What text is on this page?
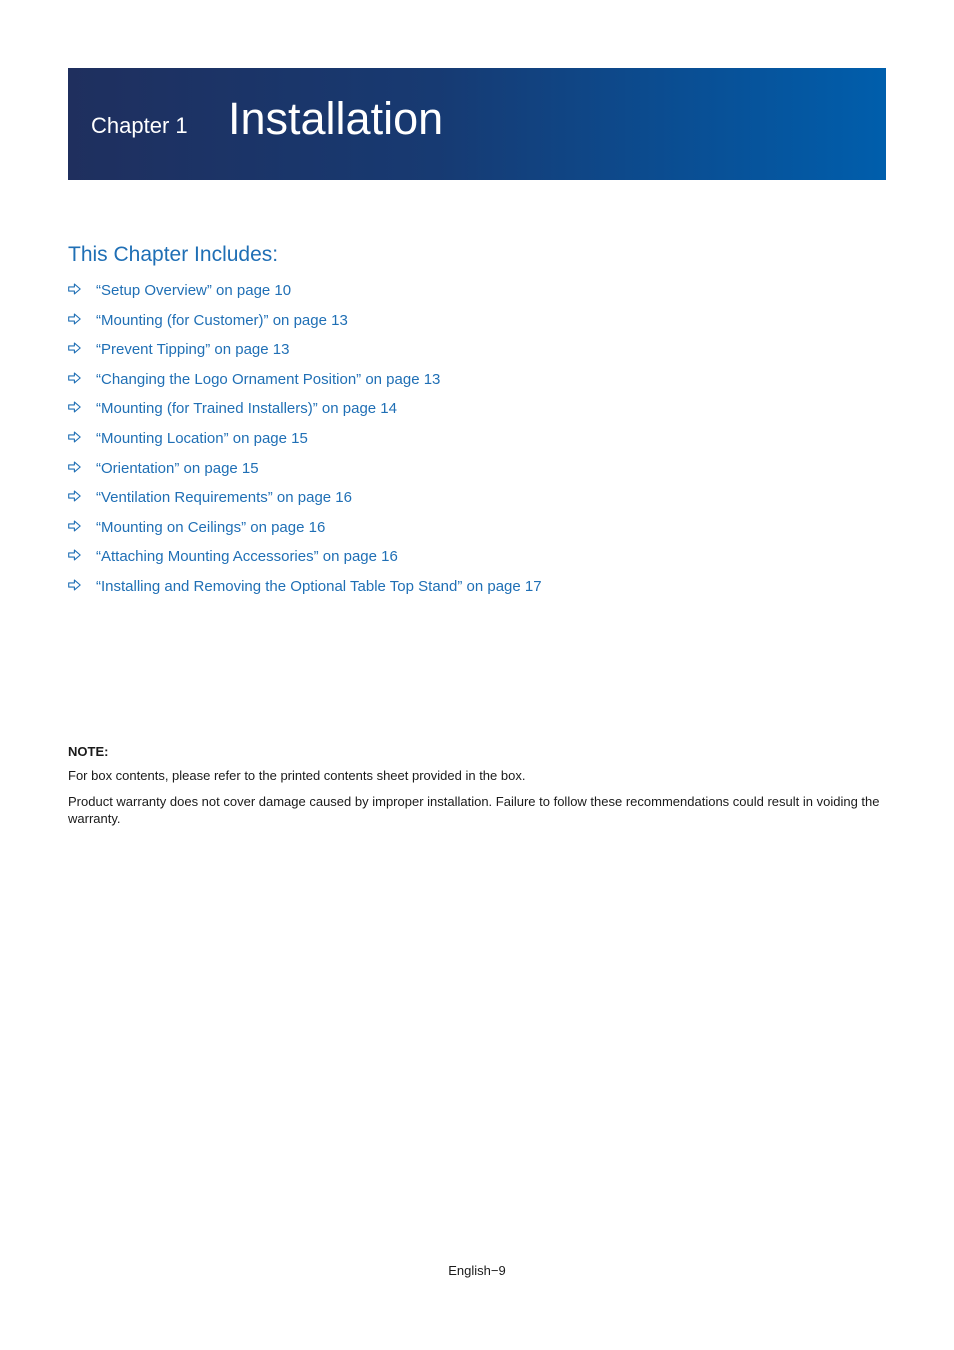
Chapter 1 Installation
This Chapter Includes:
“Setup Overview” on page 10
“Mounting (for Customer)” on page 13
“Prevent Tipping” on page 13
“Changing the Logo Ornament Position” on page 13
“Mounting (for Trained Installers)” on page 14
“Mounting Location” on page 15
“Orientation” on page 15
“Ventilation Requirements” on page 16
“Mounting on Ceilings” on page 16
“Attaching Mounting Accessories” on page 16
“Installing and Removing the Optional Table Top Stand” on page 17

NOTE:

For box contents, please refer to the printed contents sheet provided in the box.

Product warranty does not cover damage caused by improper installation. Failure to follow these recommendations could result in voiding the warranty.

English−9
